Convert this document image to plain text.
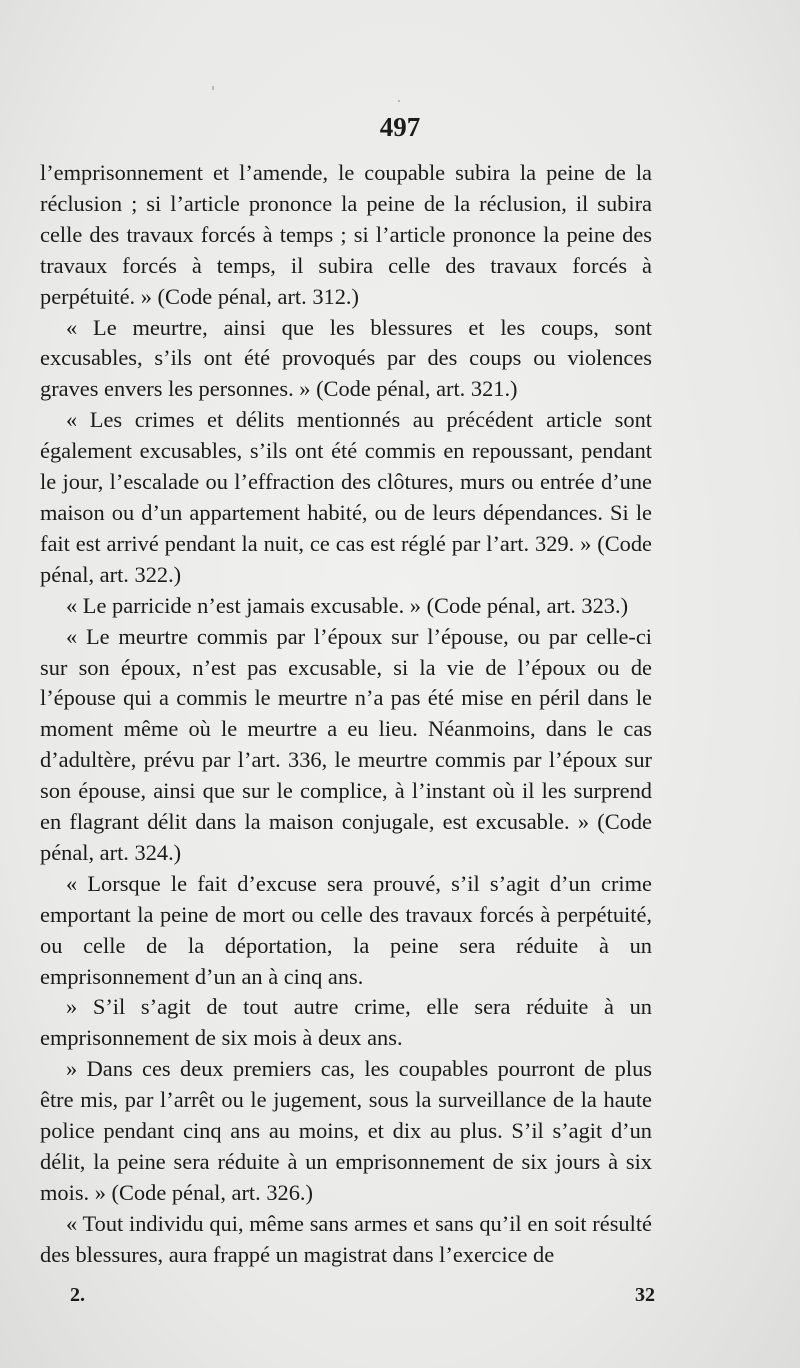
497

l’emprisonnement et l’amende, le coupable subira la peine de la réclusion ; si l’article prononce la peine de la réclusion, il subira celle des travaux forcés à temps ; si l’article prononce la peine des travaux forcés à temps, il subira celle des travaux forcés à perpétuité. » (Code pénal, art. 312.)

« Le meurtre, ainsi que les blessures et les coups, sont excusables, s’ils ont été provoqués par des coups ou violences graves envers les personnes. » (Code pénal, art. 321.)

« Les crimes et délits mentionnés au précédent article sont également excusables, s’ils ont été commis en repoussant, pendant le jour, l’escalade ou l’effraction des clôtures, murs ou entrée d’une maison ou d’un appartement habité, ou de leurs dépendances. Si le fait est arrivé pendant la nuit, ce cas est réglé par l’art. 329. » (Code pénal, art. 322.)

« Le parricide n’est jamais excusable. » (Code pénal, art. 323.)

« Le meurtre commis par l’époux sur l’épouse, ou par celle-ci sur son époux, n’est pas excusable, si la vie de l’époux ou de l’épouse qui a commis le meurtre n’a pas été mise en péril dans le moment même où le meurtre a eu lieu. Néanmoins, dans le cas d’adultère, prévu par l’art. 336, le meurtre commis par l’époux sur son épouse, ainsi que sur le complice, à l’instant où il les surprend en flagrant délit dans la maison conjugale, est excusable. » (Code pénal, art. 324.)

« Lorsque le fait d’excuse sera prouvé, s’il s’agit d’un crime emportant la peine de mort ou celle des travaux forcés à perpétuité, ou celle de la déportation, la peine sera réduite à un emprisonnement d’un an à cinq ans.

» S’il s’agit de tout autre crime, elle sera réduite à un emprisonnement de six mois à deux ans.

» Dans ces deux premiers cas, les coupables pourront de plus être mis, par l’arrêt ou le jugement, sous la surveillance de la haute police pendant cinq ans au moins, et dix au plus. S’il s’agit d’un délit, la peine sera réduite à un emprisonnement de six jours à six mois. » (Code pénal, art. 326.)

« Tout individu qui, même sans armes et sans qu’il en soit résulté des blessures, aura frappé un magistrat dans l’exercice de

2.	32
